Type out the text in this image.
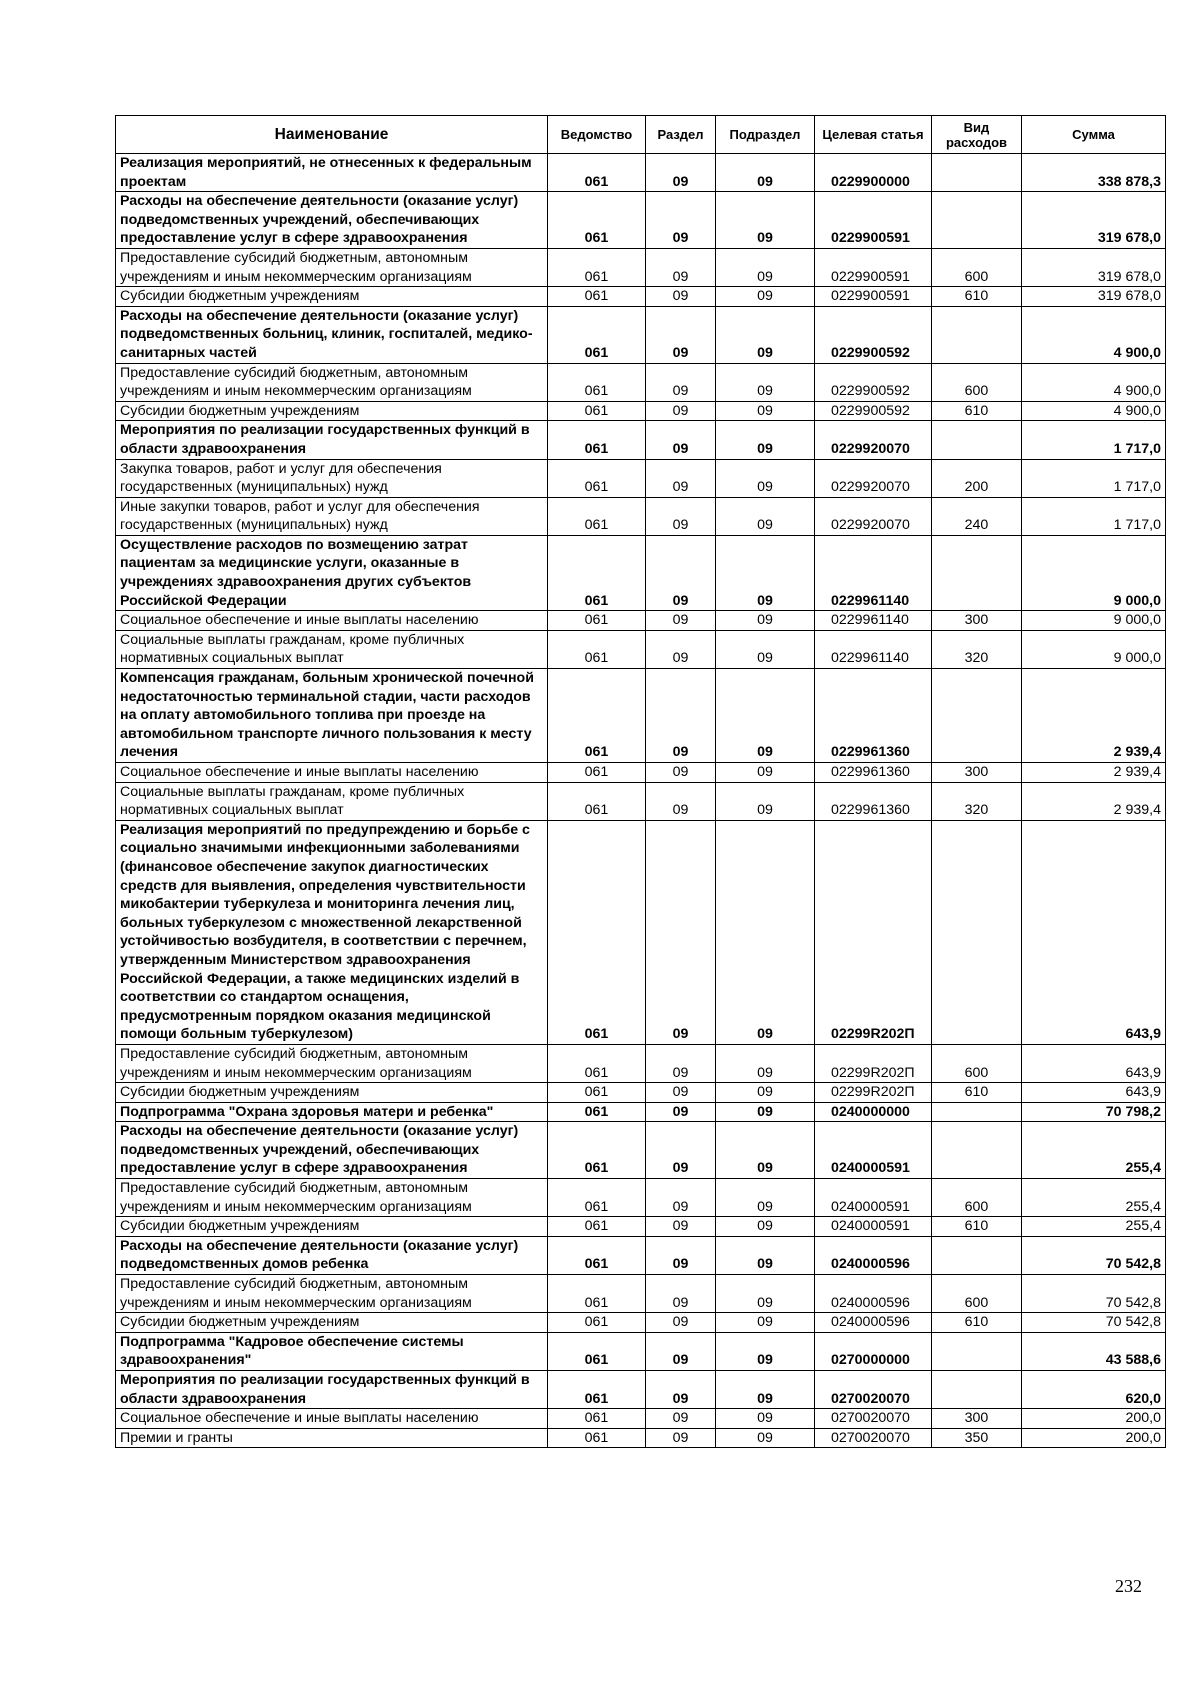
Наименование	Ведомство	Раздел	Подраздел	Целевая статья	Вид расходов	Сумма
Реализация мероприятий, не отнесенных к федеральным проектам	061	09	09	0229900000		338 878,3
Расходы на обеспечение деятельности (оказание услуг) подведомственных учреждений, обеспечивающих предоставление услуг в сфере здравоохранения	061	09	09	0229900591		319 678,0
Предоставление субсидий бюджетным, автономным учреждениям и иным некоммерческим организациям	061	09	09	0229900591	600	319 678,0
Субсидии бюджетным учреждениям	061	09	09	0229900591	610	319 678,0
Расходы на обеспечение деятельности (оказание услуг) подведомственных больниц, клиник, госпиталей, медико-санитарных частей	061	09	09	0229900592		4 900,0
Предоставление субсидий бюджетным, автономным учреждениям и иным некоммерческим организациям	061	09	09	0229900592	600	4 900,0
Субсидии бюджетным учреждениям	061	09	09	0229900592	610	4 900,0
Мероприятия по реализации государственных функций в области здравоохранения	061	09	09	0229920070		1 717,0
Закупка товаров, работ и услуг для обеспечения государственных (муниципальных) нужд	061	09	09	0229920070	200	1 717,0
Иные закупки товаров, работ и услуг для обеспечения государственных (муниципальных) нужд	061	09	09	0229920070	240	1 717,0
Осуществление расходов по возмещению затрат пациентам за медицинские услуги, оказанные в учреждениях здравоохранения других субъектов Российской Федерации	061	09	09	0229961140		9 000,0
Социальное обеспечение и иные выплаты населению	061	09	09	0229961140	300	9 000,0
Социальные выплаты гражданам, кроме публичных нормативных социальных выплат	061	09	09	0229961140	320	9 000,0
Компенсация гражданам, больным хронической почечной недостаточностью терминальной стадии, части расходов на оплату автомобильного топлива при проезде на автомобильном транспорте личного пользования к месту лечения	061	09	09	0229961360		2 939,4
Социальное обеспечение и иные выплаты населению	061	09	09	0229961360	300	2 939,4
Социальные выплаты гражданам, кроме публичных нормативных социальных выплат	061	09	09	0229961360	320	2 939,4
Реализация мероприятий по предупреждению и борьбе с социально значимыми инфекционными заболеваниями (финансовое обеспечение закупок диагностических средств для выявления, определения чувствительности микобактерии туберкулеза и мониторинга лечения лиц, больных туберкулезом с множественной лекарственной устойчивостью возбудителя, в соответствии с перечнем, утвержденным Министерством здравоохранения Российской Федерации, а также медицинских изделий в соответствии со стандартом оснащения, предусмотренным порядком оказания медицинской помощи больным туберкулезом)	061	09	09	02299R202П		643,9
Предоставление субсидий бюджетным, автономным учреждениям и иным некоммерческим организациям	061	09	09	02299R202П	600	643,9
Субсидии бюджетным учреждениям	061	09	09	02299R202П	610	643,9
Подпрограмма "Охрана здоровья матери и ребенка"	061	09	09	0240000000		70 798,2
Расходы на обеспечение деятельности (оказание услуг) подведомственных учреждений, обеспечивающих предоставление услуг в сфере здравоохранения	061	09	09	0240000591		255,4
Предоставление субсидий бюджетным, автономным учреждениям и иным некоммерческим организациям	061	09	09	0240000591	600	255,4
Субсидии бюджетным учреждениям	061	09	09	0240000591	610	255,4
Расходы на обеспечение деятельности (оказание услуг) подведомственных домов ребенка	061	09	09	0240000596		70 542,8
Предоставление субсидий бюджетным, автономным учреждениям и иным некоммерческим организациям	061	09	09	0240000596	600	70 542,8
Субсидии бюджетным учреждениям	061	09	09	0240000596	610	70 542,8
Подпрограмма "Кадровое обеспечение системы здравоохранения"	061	09	09	0270000000		43 588,6
Мероприятия по реализации государственных функций в области здравоохранения	061	09	09	0270020070		620,0
Социальное обеспечение и иные выплаты населению	061	09	09	0270020070	300	200,0
Премии и гранты	061	09	09	0270020070	350	200,0
232
